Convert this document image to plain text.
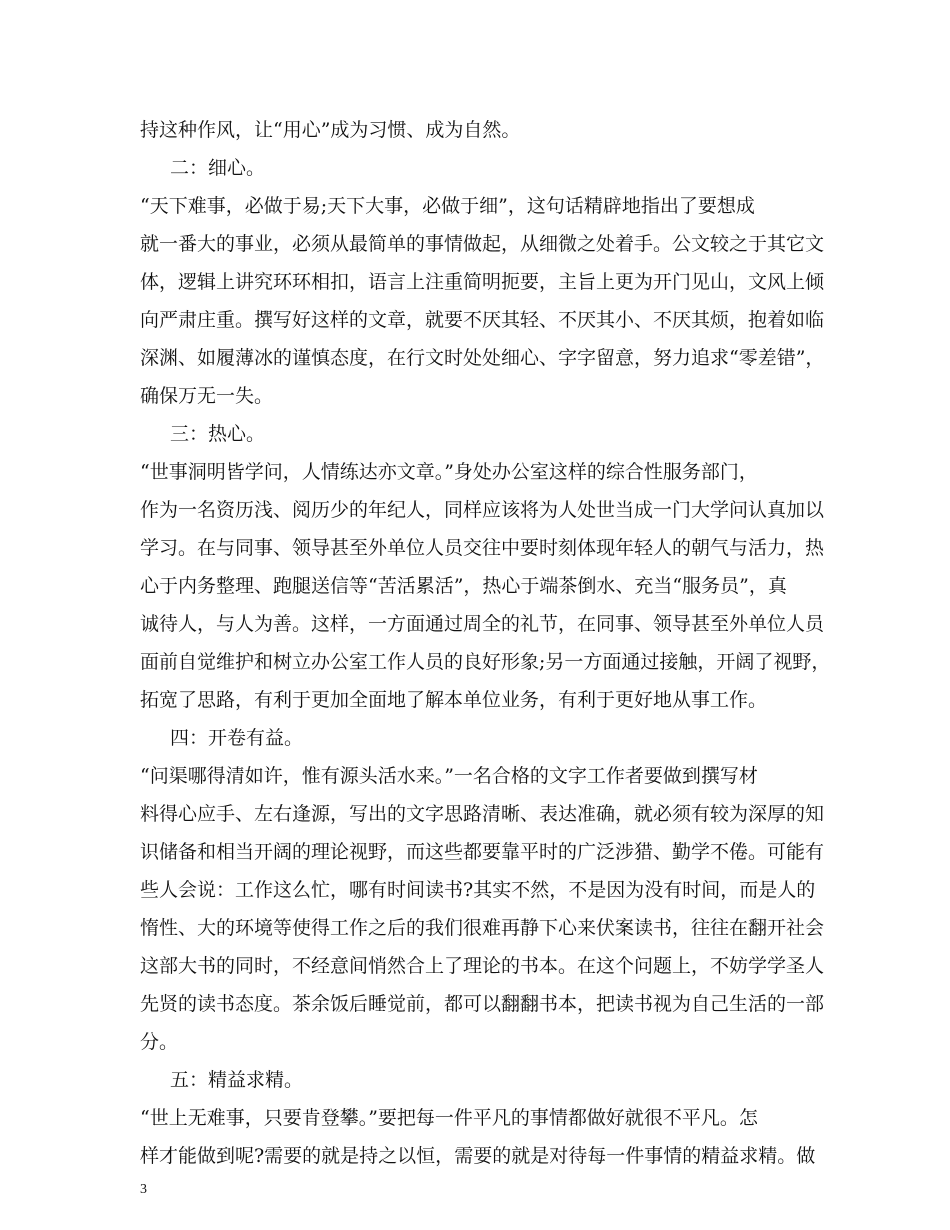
持这种作风，让“用心”成为习惯、成为自然。
二：细心。
“天下难事，必做于易;天下大事，必做于细”，这句话精辟地指出了要想成
就一番大的事业，必须从最简单的事情做起，从细微之处着手。公文较之于其它文
体，逻辑上讲究环环相扣，语言上注重简明扼要，主旨上更为开门见山，文风上倾
向严肃庄重。撰写好这样的文章，就要不厌其轻、不厌其小、不厌其烦，抱着如临
深渊、如履薄冰的谨慎态度，在行文时处处细心、字字留意，努力追求“零差错”，
确保万无一失。
三：热心。
“世事洞明皆学问，人情练达亦文章。”身处办公室这样的综合性服务部门，
作为一名资历浅、阅历少的年纪人，同样应该将为人处世当成一门大学问认真加以
学习。在与同事、领导甚至外单位人员交往中要时刻体现年轻人的朝气与活力，热
心于内务整理、跑腿送信等“苦活累活”，热心于端茶倒水、充当“服务员”，真
诚待人，与人为善。这样，一方面通过周全的礼节，在同事、领导甚至外单位人员
面前自觉维护和树立办公室工作人员的良好形象;另一方面通过接触，开阔了视野，
拓宽了思路，有利于更加全面地了解本单位业务，有利于更好地从事工作。
四：开卷有益。
“问渠哪得清如许，惟有源头活水来。”一名合格的文字工作者要做到撰写材
料得心应手、左右逢源，写出的文字思路清晰、表达准确，就必须有较为深厚的知
识储备和相当开阔的理论视野，而这些都要靠平时的广泛涉猎、勤学不倦。可能有
些人会说：工作这么忙，哪有时间读书?其实不然，不是因为没有时间，而是人的
惰性、大的环境等使得工作之后的我们很难再静下心来伏案读书，往往在翻开社会
这部大书的同时，不经意间悄然合上了理论的书本。在这个问题上，不妨学学圣人
先贤的读书态度。茶余饭后睡觉前，都可以翻翻书本，把读书视为自己生活的一部
分。
五：精益求精。
“世上无难事，只要肯登攀。”要把每一件平凡的事情都做好就很不平凡。怎
样才能做到呢?需要的就是持之以恒，需要的就是对待每一件事情的精益求精。做
3
